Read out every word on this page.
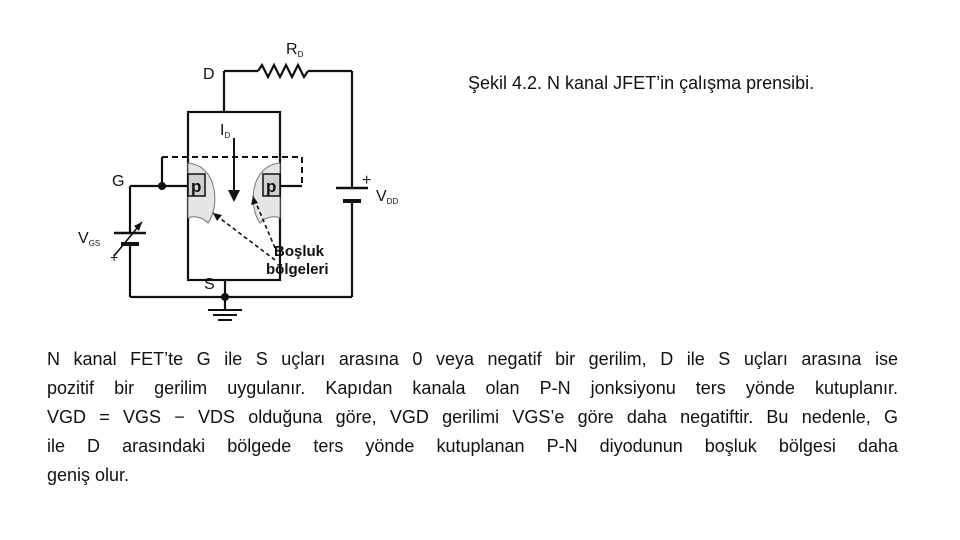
RD
D
ID
G	p	p	+
VDD
VGS
+
S
Boşluk
bölgeleri
Şekil 4.2. N kanal JFET’in çalışma prensibi.
N kanal FET’te G ile S uçları arasına 0 veya negatif bir gerilim, D ile S uçları arasına ise
pozitif bir gerilim uygulanır. Kapıdan kanala olan P-N jonksiyonu ters yönde kutuplanır.
VGD = VGS − VDS olduğuna göre, VGD gerilimi VGS’e göre daha negatiftir. Bu nedenle, G
ile D arasındaki bölgede ters yönde kutuplanan P-N diyodunun boşluk bölgesi daha
geniş olur.
